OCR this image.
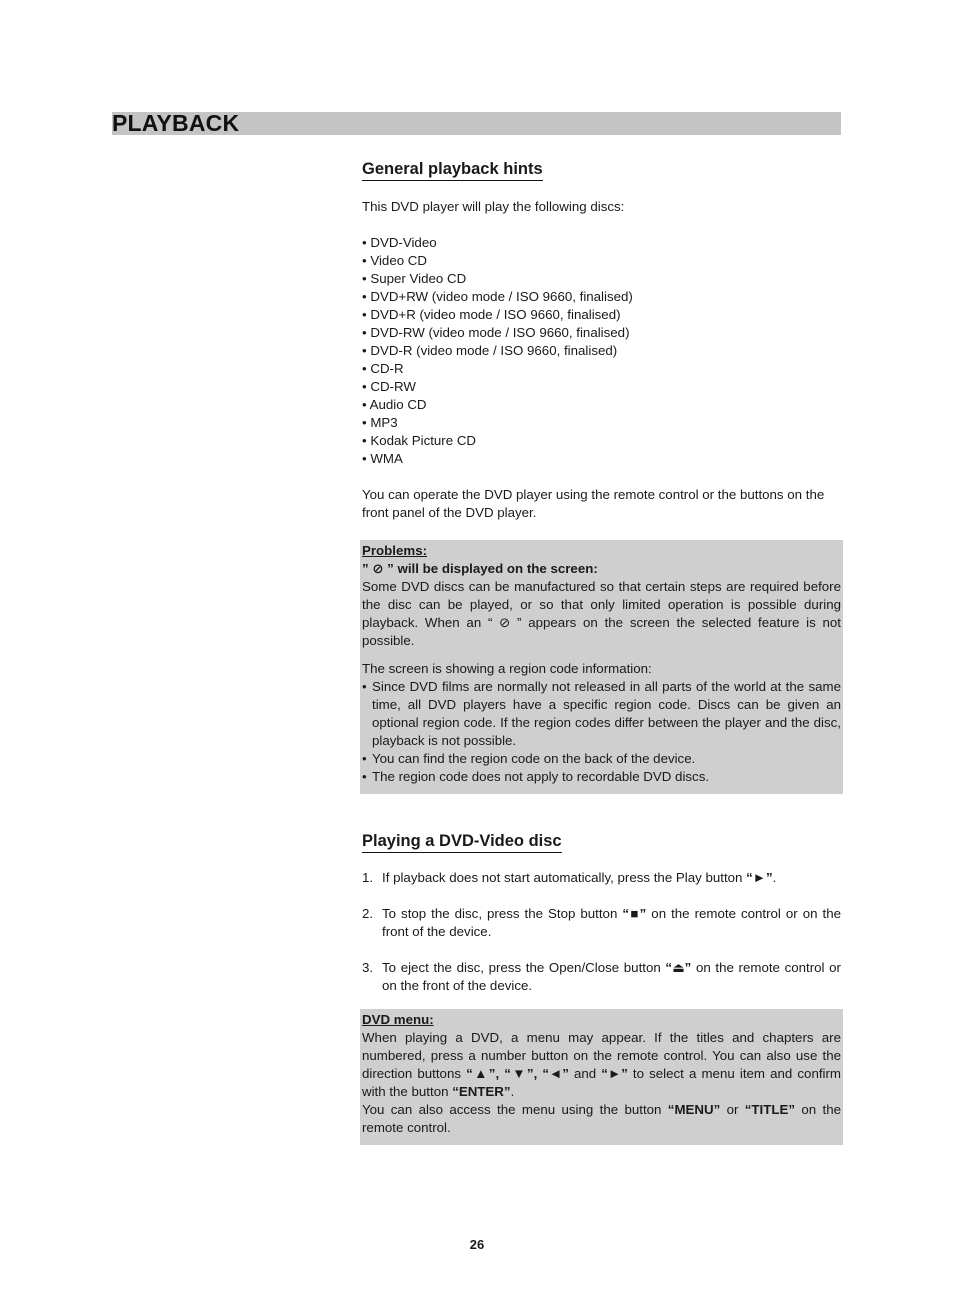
PLAYBACK
General playback hints

This DVD player will play the following discs:

• DVD-Video
• Video CD
• Super Video CD
• DVD+RW (video mode / ISO 9660, finalised)
• DVD+R (video mode / ISO 9660, finalised)
• DVD-RW (video mode / ISO 9660, finalised)
• DVD-R (video mode / ISO 9660, finalised)
• CD-R
• CD-RW
• Audio CD
• MP3
• Kodak Picture CD
• WMA

You can operate the DVD player using the remote control or the buttons on the front panel of the DVD player.

Problems:
” ⊘ ” will be displayed on the screen:

Some DVD discs can be manufactured so that certain steps are required before the disc can be played, or so that only limited operation is possible during playback. When an “ ⊘ ” appears on the screen the selected feature is not possible.

The screen is showing a region code information:

• Since DVD films are normally not released in all parts of the world at the same time, all DVD players have a specific region code. Discs can be given an optional region code. If the region codes differ between the player and the disc, playback is not possible.
• You can find the region code on the back of the device.
• The region code does not apply to recordable DVD discs.
Playing a DVD-Video disc
1. If playback does not start automatically, press the Play button “►”.
2. To stop the disc, press the Stop button “■” on the remote control or on the front of the device.
3. To eject the disc, press the Open/Close button “⏏” on the remote control or on the front of the device.
DVD menu:

When playing a DVD, a menu may appear. If the titles and chapters are numbered, press a number button on the remote control. You can also use the direction buttons “▲”, “▼”, “◄” and “►” to select a menu item and confirm with the button “ENTER”.

You can also access the menu using the button “MENU” or “TITLE” on the remote control.

26
